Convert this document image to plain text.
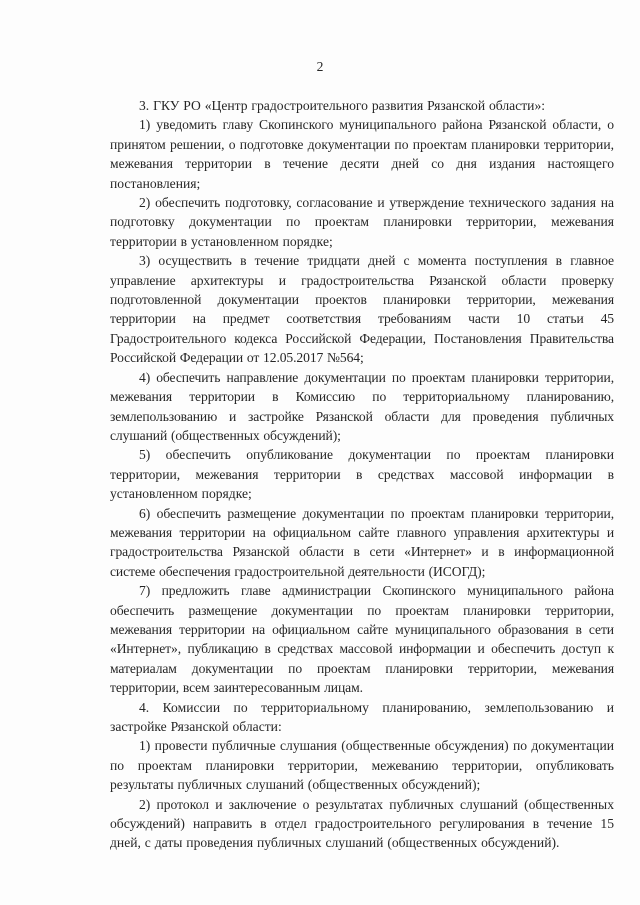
2

3. ГКУ РО «Центр градостроительного развития Рязанской области»:

1) уведомить главу Скопинского муниципального района Рязанской области, о принятом решении, о подготовке документации по проектам планировки территории, межевания территории в течение десяти дней со дня издания настоящего постановления;

2) обеспечить подготовку, согласование и утверждение технического задания на подготовку документации по проектам планировки территории, межевания территории в установленном порядке;

3) осуществить в течение тридцати дней с момента поступления в главное управление архитектуры и градостроительства Рязанской области проверку подготовленной документации проектов планировки территории, межевания территории на предмет соответствия требованиям части 10 статьи 45 Градостроительного кодекса Российской Федерации, Постановления Правительства Российской Федерации от 12.05.2017 №564;

4) обеспечить направление документации по проектам планировки территории, межевания территории в Комиссию по территориальному планированию, землепользованию и застройке Рязанской области для проведения публичных слушаний (общественных обсуждений);

5) обеспечить опубликование документации по проектам планировки территории, межевания территории в средствах массовой информации в установленном порядке;

6) обеспечить размещение документации по проектам планировки территории, межевания территории на официальном сайте главного управления архитектуры и градостроительства Рязанской области в сети «Интернет» и в информационной системе обеспечения градостроительной деятельности (ИСОГД);

7) предложить главе администрации Скопинского муниципального района обеспечить размещение документации по проектам планировки территории, межевания территории на официальном сайте муниципального образования в сети «Интернет», публикацию в средствах массовой информации и обеспечить доступ к материалам документации по проектам планировки территории, межевания территории, всем заинтересованным лицам.

4. Комиссии по территориальному планированию, землепользованию и застройке Рязанской области:

1) провести публичные слушания (общественные обсуждения) по документации по проектам планировки территории, межеванию территории, опубликовать результаты публичных слушаний (общественных обсуждений);

2) протокол и заключение о результатах публичных слушаний (общественных обсуждений) направить в отдел градостроительного регулирования в течение 15 дней, с даты проведения публичных слушаний (общественных обсуждений).
